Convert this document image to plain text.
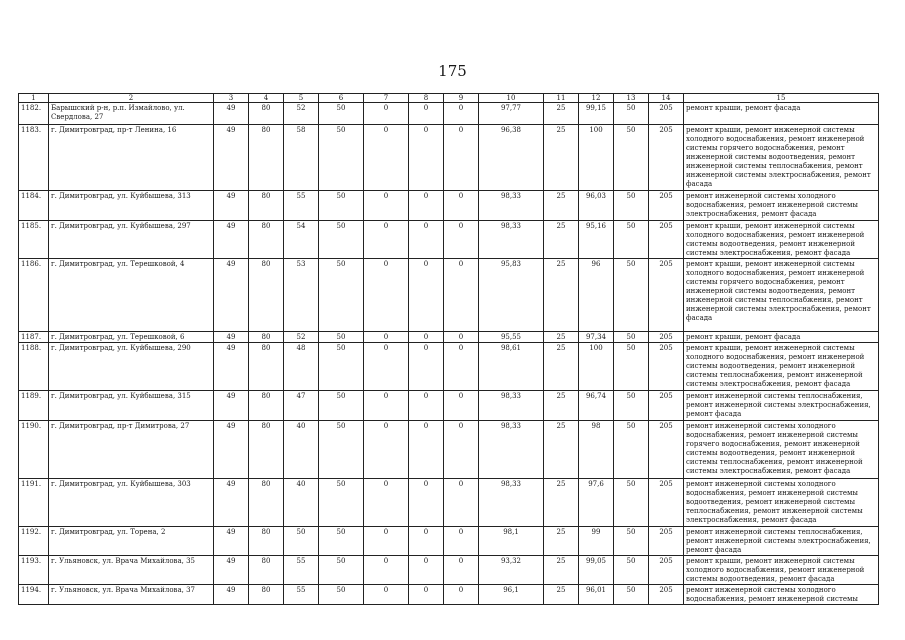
175
1	2	3	4	5	6	7	8	9	10	11	12	13	14	15
1182.	Барышский р-н, р.п. Измайлово, ул. Свердлова, 27	49	80	52	50	0	0	0	97,77	25	99,15	50	205	ремонт крыши, ремонт фасада
1183.	г. Димитровград, пр-т Ленина, 16	49	80	58	50	0	0	0	96,38	25	100	50	205	ремонт крыши, ремонт инженерной системы холодного водоснабжения, ремонт инженерной системы горячего водоснабжения, ремонт инженерной системы водоотведения, ремонт инженерной системы теплоснабжения, ремонт инженерной системы электроснабжения, ремонт фасада
1184.	г. Димитровград, ул. Куйбышева, 313	49	80	55	50	0	0	0	98,33	25	96,03	50	205	ремонт инженерной системы холодного водоснабжения, ремонт инженерной системы электроснабжения, ремонт фасада
1185.	г. Димитровград, ул. Куйбышева, 297	49	80	54	50	0	0	0	98,33	25	95,16	50	205	ремонт крыши, ремонт инженерной системы холодного водоснабжения, ремонт инженерной системы водоотведения, ремонт инженерной системы электроснабжения, ремонт фасада
1186.	г. Димитровград, ул. Терешковой, 4	49	80	53	50	0	0	0	95,83	25	96	50	205	ремонт крыши, ремонт инженерной системы холодного водоснабжения, ремонт инженерной системы горячего водоснабжения, ремонт инженерной системы водоотведения, ремонт инженерной системы теплоснабжения, ремонт инженерной системы электроснабжения, ремонт фасада
1187.	г. Димитровград, ул. Терешковой, 6	49	80	52	50	0	0	0	95,55	25	97,34	50	205	ремонт крыши, ремонт фасада
1188.	г. Димитровград, ул. Куйбышева, 290	49	80	48	50	0	0	0	98,61	25	100	50	205	ремонт крыши, ремонт инженерной системы холодного водоснабжения, ремонт инженерной системы водоотведения, ремонт инженерной системы теплоснабжения, ремонт инженерной системы электроснабжения, ремонт фасада
1189.	г. Димитровград, ул. Куйбышева, 315	49	80	47	50	0	0	0	98,33	25	96,74	50	205	ремонт инженерной системы теплоснабжения, ремонт инженерной системы электроснабжения, ремонт фасада
1190.	г. Димитровград, пр-т Димитрова, 27	49	80	40	50	0	0	0	98,33	25	98	50	205	ремонт инженерной системы холодного водоснабжения, ремонт инженерной системы горячего водоснабжения, ремонт инженерной системы водоотведения, ремонт инженерной системы теплоснабжения, ремонт инженерной системы электроснабжения, ремонт фасада
1191.	г. Димитровград, ул. Куйбышева, 303	49	80	40	50	0	0	0	98,33	25	97,6	50	205	ремонт инженерной системы холодного водоснабжения, ремонт инженерной системы водоотведения, ремонт инженерной системы теплоснабжения, ремонт инженерной системы электроснабжения, ремонт фасада
1192.	г. Димитровград, ул. Торена, 2	49	80	50	50	0	0	0	98,1	25	99	50	205	ремонт инженерной системы теплоснабжения, ремонт инженерной системы электроснабжения, ремонт фасада
1193.	г. Ульяновск, ул. Врача Михайлова, 35	49	80	55	50	0	0	0	93,32	25	99,05	50	205	ремонт крыши, ремонт инженерной системы холодного водоснабжения, ремонт инженерной системы водоотведения, ремонт фасада
1194.	г. Ульяновск, ул. Врача Михайлова, 37	49	80	55	50	0	0	0	96,1	25	96,01	50	205	ремонт инженерной системы холодного водоснабжения, ремонт инженерной системы
